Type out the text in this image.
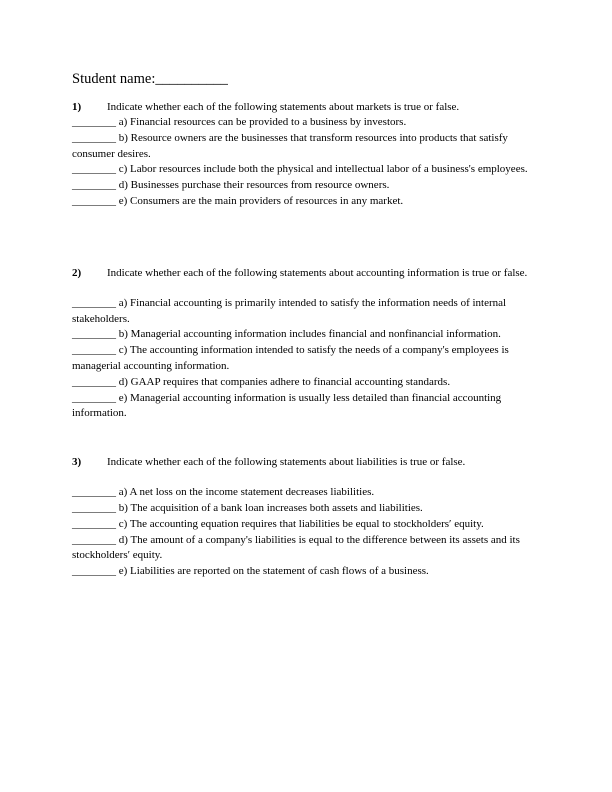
Student name:__________
1) Indicate whether each of the following statements about markets is true or false.
________ a) Financial resources can be provided to a business by investors.
________ b) Resource owners are the businesses that transform resources into products that satisfy consumer desires.
________ c) Labor resources include both the physical and intellectual labor of a business's employees.
________ d) Businesses purchase their resources from resource owners.
________ e) Consumers are the main providers of resources in any market.
2) Indicate whether each of the following statements about accounting information is true or false.
________ a) Financial accounting is primarily intended to satisfy the information needs of internal stakeholders.
________ b) Managerial accounting information includes financial and nonfinancial information.
________ c) The accounting information intended to satisfy the needs of a company's employees is managerial accounting information.
________ d) GAAP requires that companies adhere to financial accounting standards.
________ e) Managerial accounting information is usually less detailed than financial accounting information.
3) Indicate whether each of the following statements about liabilities is true or false.
________ a) A net loss on the income statement decreases liabilities.
________ b) The acquisition of a bank loan increases both assets and liabilities.
________ c) The accounting equation requires that liabilities be equal to stockholders′ equity.
________ d) The amount of a company's liabilities is equal to the difference between its assets and its stockholders′ equity.
________ e) Liabilities are reported on the statement of cash flows of a business.
